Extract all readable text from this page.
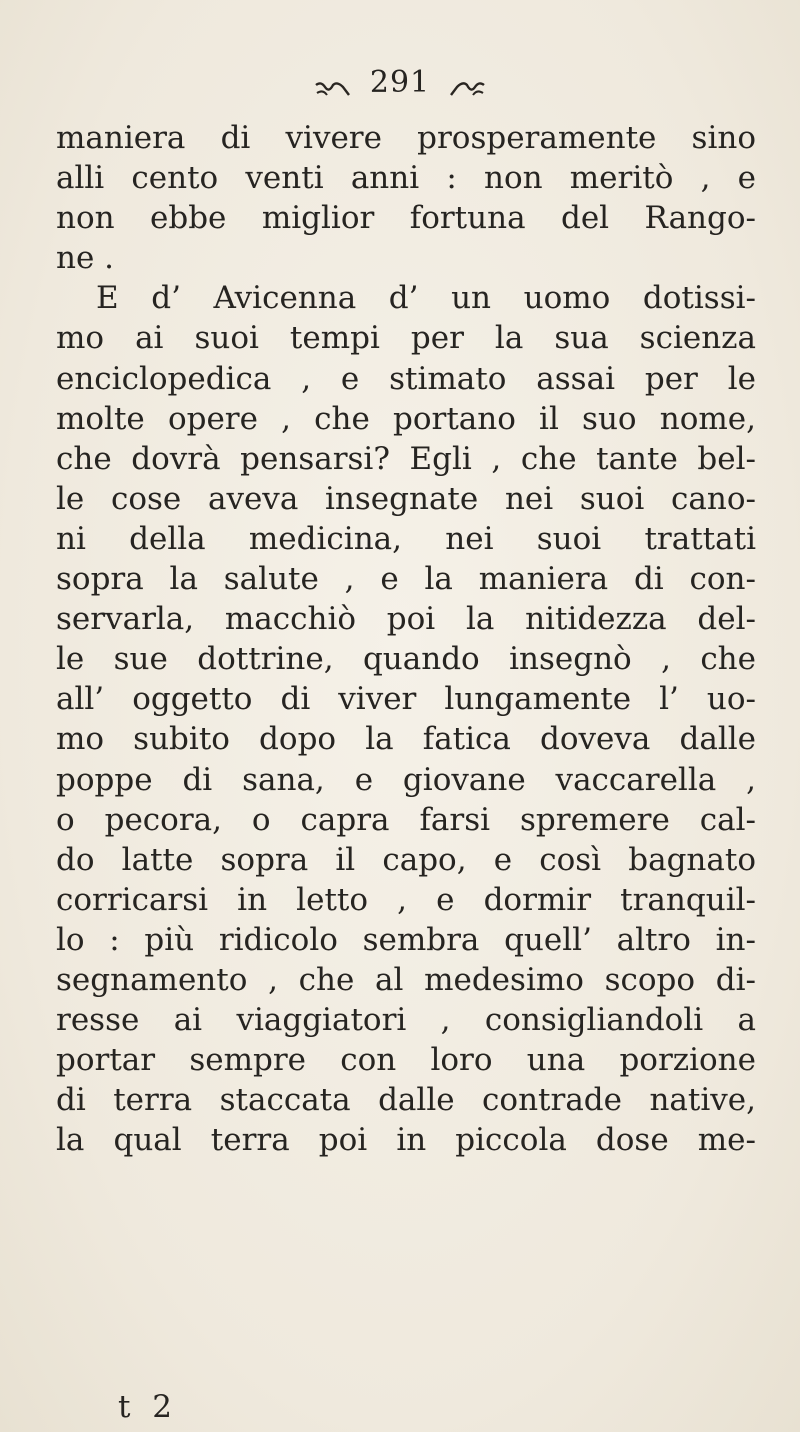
291
maniera di vivere prosperamente sino
alli cento venti anni : non meritò , e
non ebbe miglior fortuna del Rango-
ne .
E d’ Avicenna d’ un uomo dotissi-
mo ai suoi tempi per la sua scienza
enciclopedica , e stimato assai per le
molte opere , che portano il suo nome,
che dovrà pensarsi? Egli , che tante bel-
le cose aveva insegnate nei suoi cano-
ni della medicina, nei suoi trattati
sopra la salute , e la maniera di con-
servarla, macchiò poi la nitidezza del-
le sue dottrine, quando insegnò , che
all’ oggetto di viver lungamente l’ uo-
mo subito dopo la fatica doveva dalle
poppe di sana, e giovane vaccarella ,
o pecora, o capra farsi spremere cal-
do latte sopra il capo, e così bagnato
corricarsi in letto , e dormir tranquil-
lo : più ridicolo sembra quell’ altro in-
segnamento , che al medesimo scopo di-
resse ai viaggiatori , consigliandoli a
portar sempre con loro una porzione
di terra staccata dalle contrade native,
la qual terra poi in piccola dose me-
t 2
